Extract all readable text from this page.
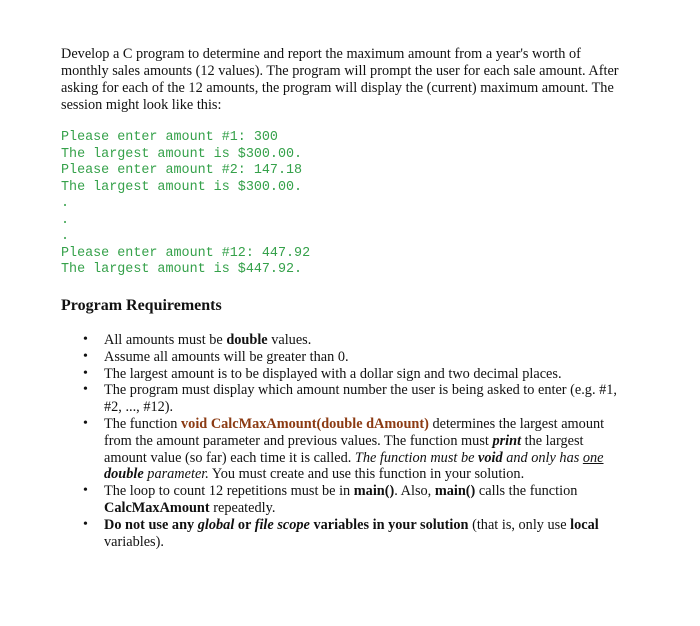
Develop a C program to determine and report the maximum amount from a year's worth of monthly sales amounts (12 values). The program will prompt the user for each sale amount. After asking for each of the 12 amounts, the program will display the (current) maximum amount. The session might look like this:

Please enter amount #1: 300
The largest amount is $300.00.
Please enter amount #2: 147.18
The largest amount is $300.00.
.
.
.
Please enter amount #12: 447.92
The largest amount is $447.92.
Program Requirements
• All amounts must be double values.
• Assume all amounts will be greater than 0.
• The largest amount is to be displayed with a dollar sign and two decimal places.
• The program must display which amount number the user is being asked to enter (e.g. #1, #2, ..., #12).
• The function void CalcMaxAmount(double dAmount) determines the largest amount from the amount parameter and previous values. The function must print the largest amount value (so far) each time it is called. The function must be void and only has one double parameter. You must create and use this function in your solution.
• The loop to count 12 repetitions must be in main(). Also, main() calls the function CalcMaxAmount repeatedly.
• Do not use any global or file scope variables in your solution (that is, only use local variables).
